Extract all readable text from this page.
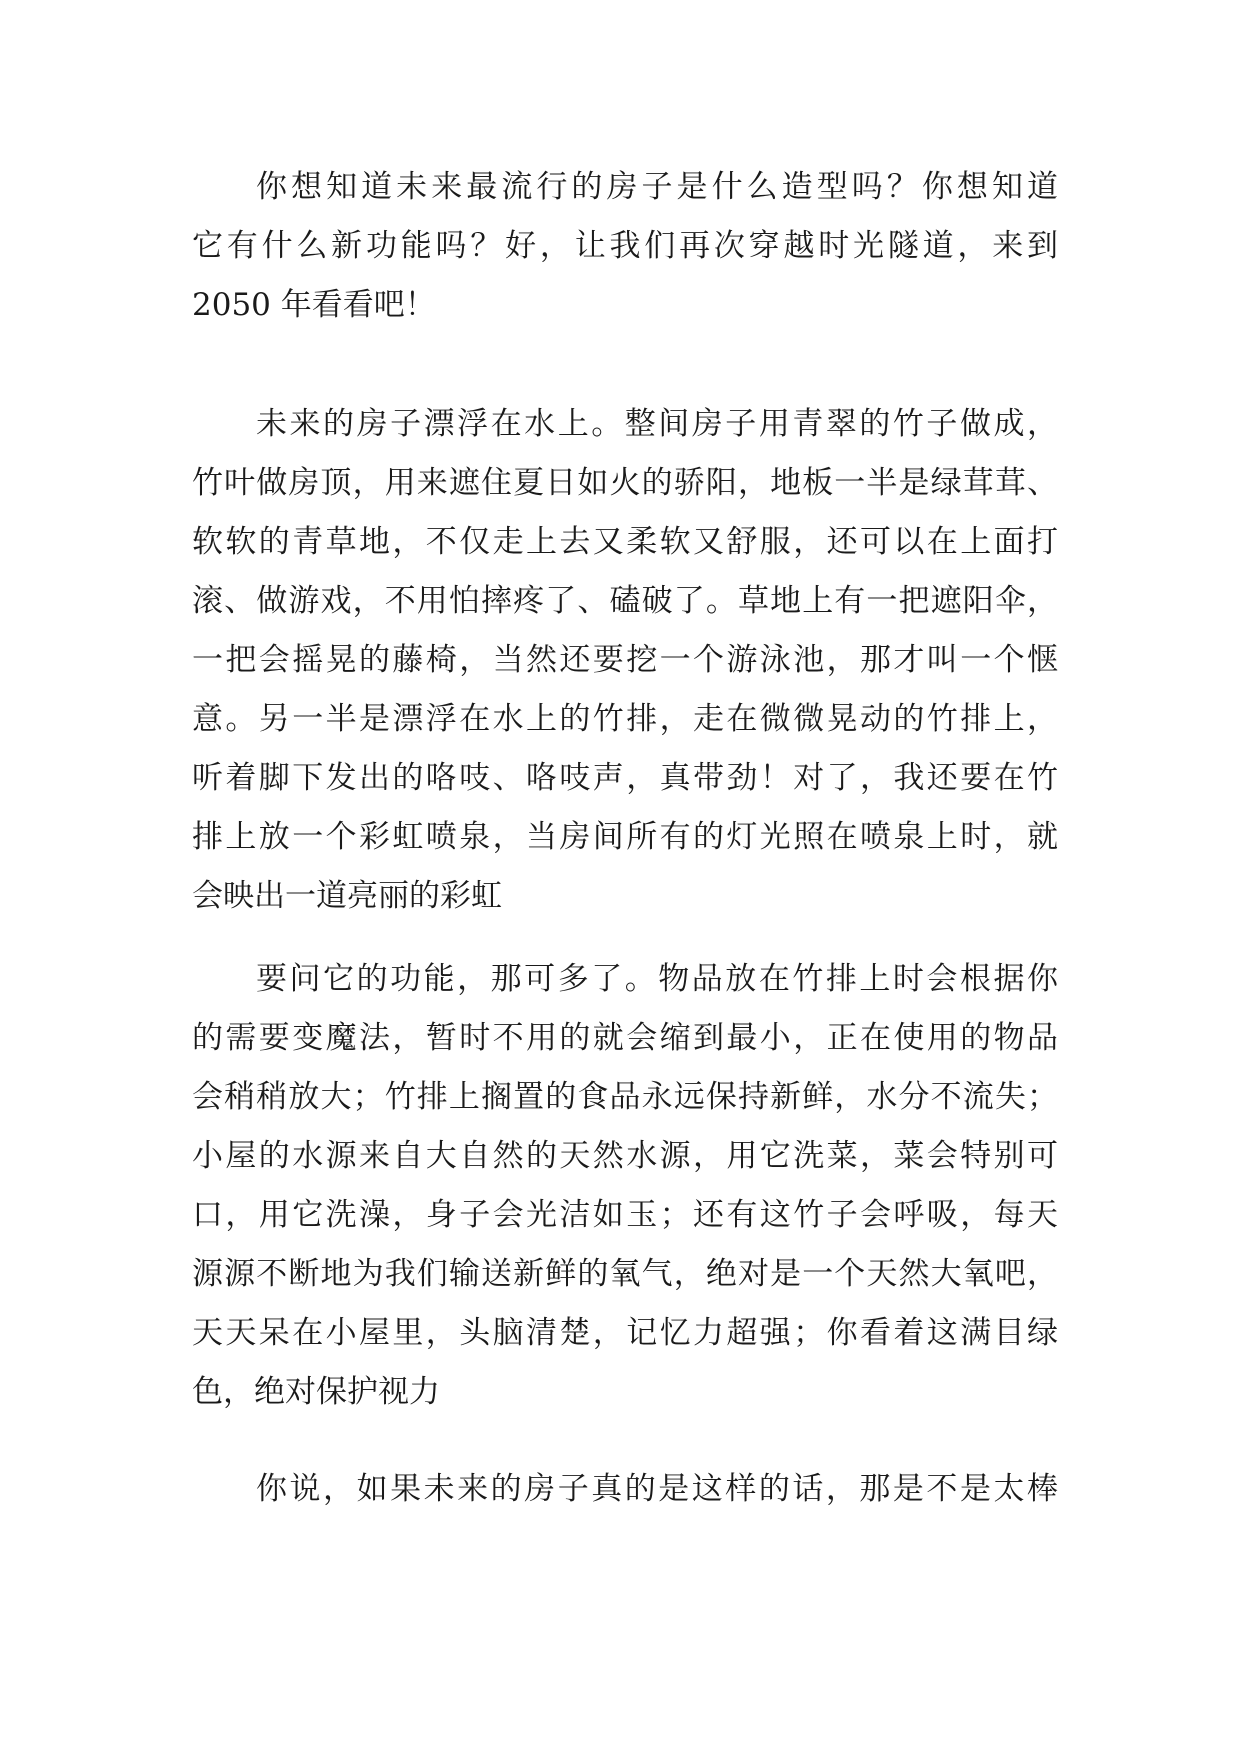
你想知道未来最流行的房子是什么造型吗？你想知道
它有什么新功能吗？好，让我们再次穿越时光隧道，来到
2050 年看看吧！
未来的房子漂浮在水上。整间房子用青翠的竹子做成，
竹叶做房顶，用来遮住夏日如火的骄阳，地板一半是绿茸茸、
软软的青草地，不仅走上去又柔软又舒服，还可以在上面打
滚、做游戏，不用怕摔疼了、磕破了。草地上有一把遮阳伞，
一把会摇晃的藤椅，当然还要挖一个游泳池，那才叫一个惬
意。另一半是漂浮在水上的竹排，走在微微晃动的竹排上，
听着脚下发出的咯吱、咯吱声，真带劲！对了，我还要在竹
排上放一个彩虹喷泉，当房间所有的灯光照在喷泉上时，就
会映出一道亮丽的彩虹
要问它的功能，那可多了。物品放在竹排上时会根据你
的需要变魔法，暂时不用的就会缩到最小，正在使用的物品
会稍稍放大；竹排上搁置的食品永远保持新鲜，水分不流失；
小屋的水源来自大自然的天然水源，用它洗菜，菜会特别可
口，用它洗澡，身子会光洁如玉；还有这竹子会呼吸，每天
源源不断地为我们输送新鲜的氧气，绝对是一个天然大氧吧，
天天呆在小屋里，头脑清楚，记忆力超强；你看着这满目绿
色，绝对保护视力
你说，如果未来的房子真的是这样的话，那是不是太棒
